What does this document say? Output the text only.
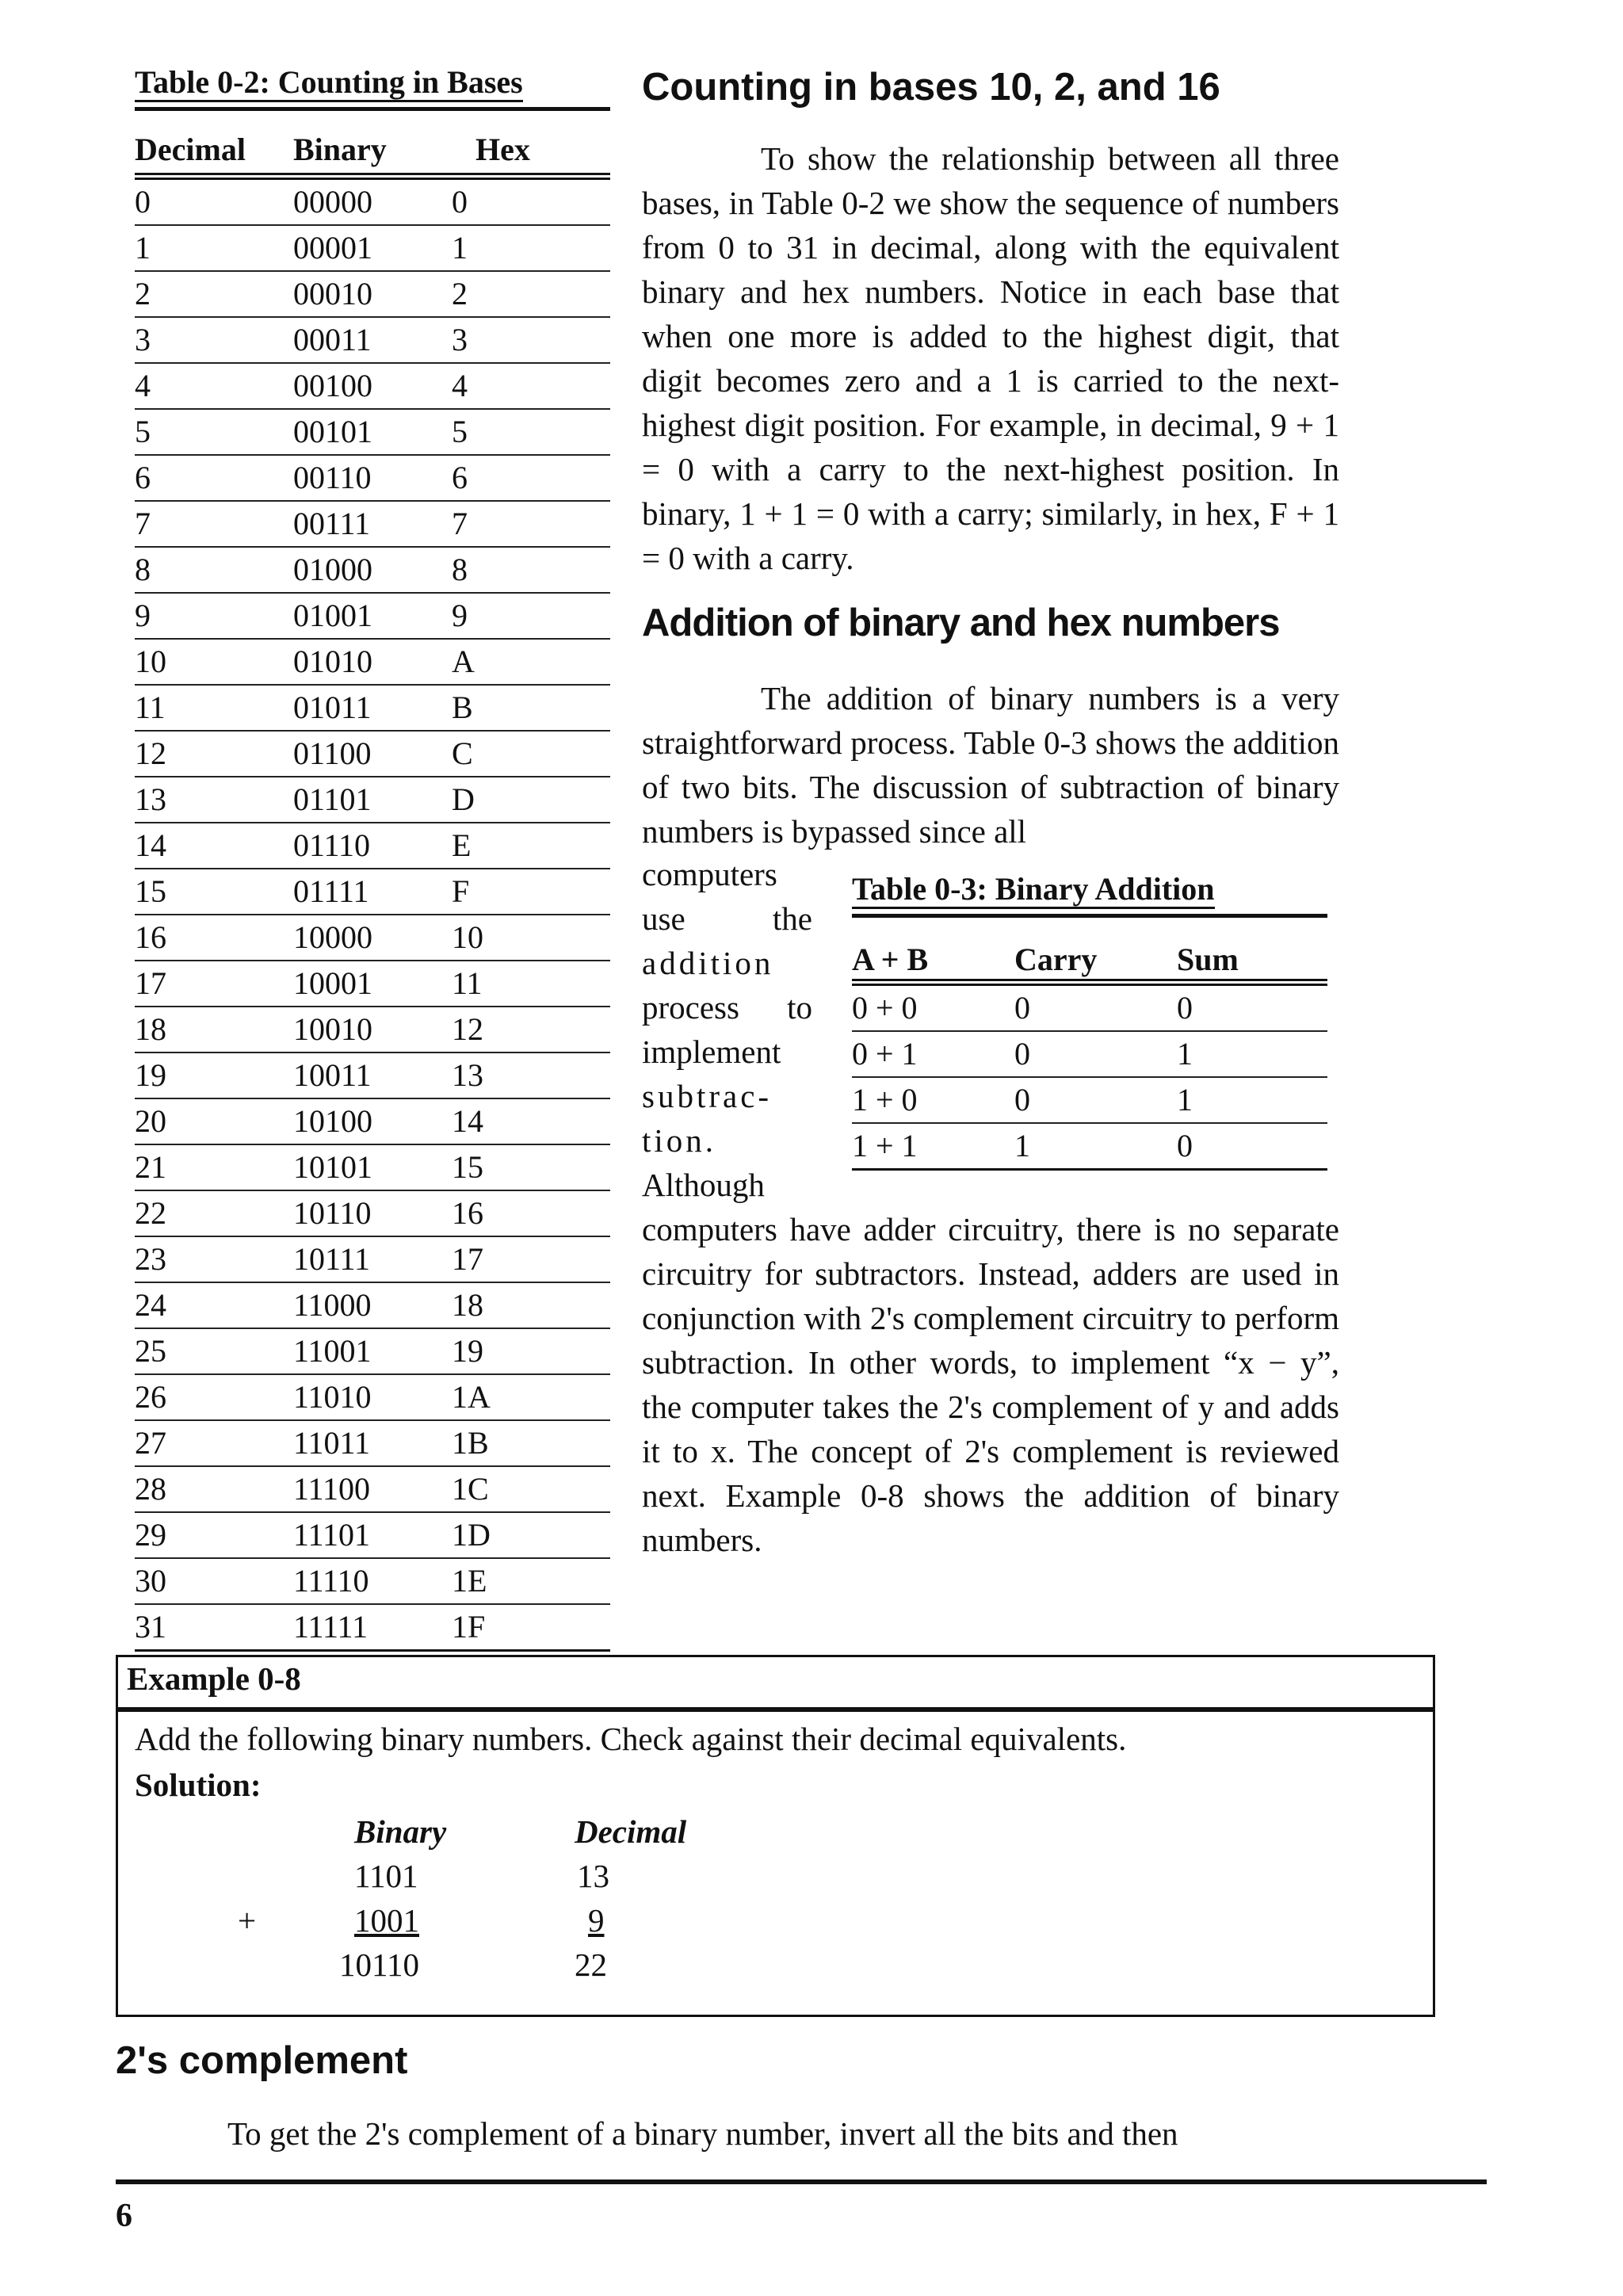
Table 0-2: Counting in Bases
Decimal Binary	Hex
0	00000	0
1	00001	1
2	00010	2
3	00011	3
4	00100	4
5	00101	5
6	00110	6
7	00111	7
8	01000	8
9	01001	9
10	01010	A
11	01011	B
12	01100	C
13	01101	D
14	01110	E
15	01111	F
16	10000	10
17	10001	11
18	10010	12
19	10011	13
20	10100	14
21	10101	15
22	10110	16
23	10111	17
24	11000	18
25	11001	19
26	11010	1A
27	11011	1B
28	11100	1C
29	11101	1D
30	11110	1E
31	11111	1F
Counting in bases 10, 2, and 16
To show the relationship between all three bases, in Table 0-2 we show the sequence of numbers from 0 to 31 in decimal, along with the equivalent binary and hex numbers. Notice in each base that when one more is added to the highest digit, that digit becomes zero and a 1 is carried to the next-highest digit position. For example, in decimal, 9 + 1 = 0 with a carry to the next-highest position. In binary, 1 + 1 = 0 with a carry; similarly, in hex, F + 1 = 0 with a carry.
Addition of binary and hex numbers
The addition of binary numbers is a very straightforward process. Table 0-3 shows the addition of two bits. The discussion of subtraction of binary numbers is bypassed since all
computers
use	the
addition
process to
implement
subtrac-
tion.
Although
computers have adder circuitry, there is no separate circuitry for subtractors. Instead, adders are used in conjunction with 2's complement circuitry to perform subtraction. In other words, to implement “x − y”, the computer takes the 2's complement of y and adds it to x. The concept of 2's complement is reviewed next. Example 0-8 shows the addition of binary numbers.
Table 0-3: Binary Addition
A + B	Carry	Sum
0 + 0	0	0
0 + 1	0	1
1 + 0	0	1
1 + 1	1	0
Example 0-8
Add the following binary numbers. Check against their decimal equivalents.
Solution:
Binary	Decimal
1101	13
+	1001	9
10110	22
2's complement
To get the 2's complement of a binary number, invert all the bits and then
6
